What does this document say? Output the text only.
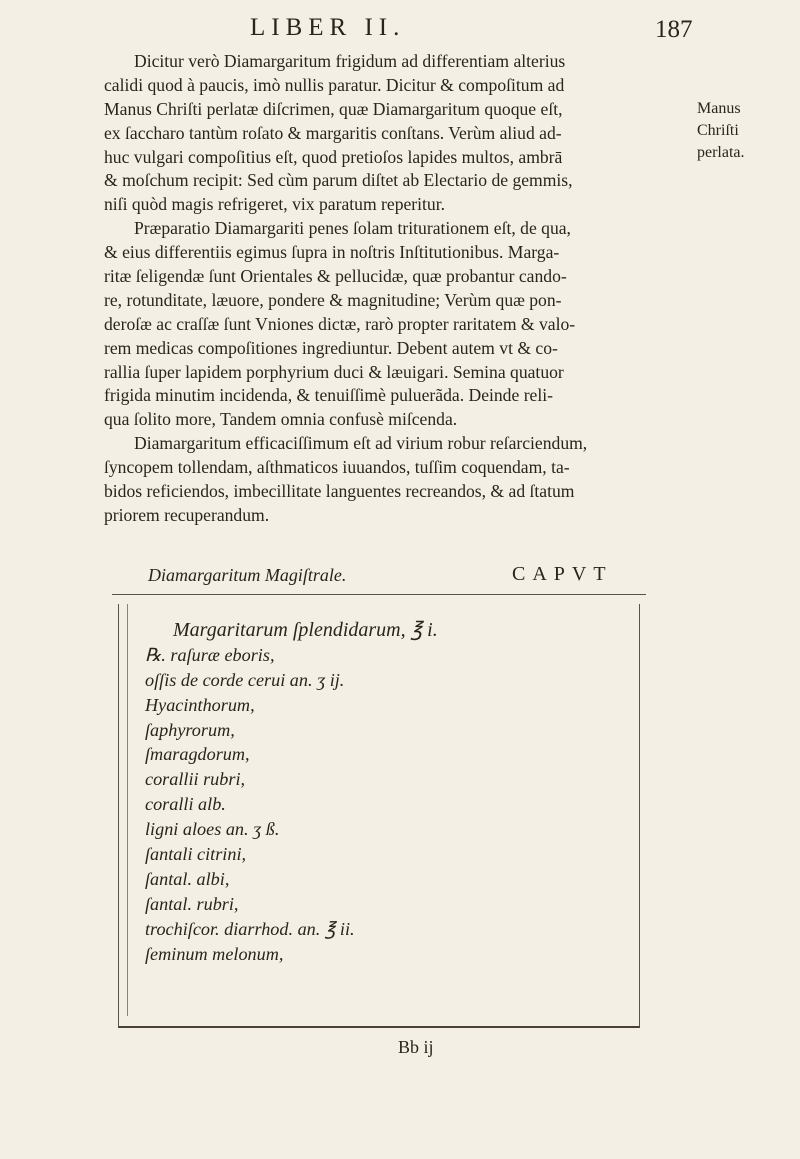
LIBER II.	187
Dicitur verò Diamargaritum frigidum ad differentiam alterius
calidi quod à paucis, imò nullis paratur. Dicitur & compoſitum ad
Manus Chriſti perlatæ diſcrimen, quæ Diamargaritum quoque eſt,
ex ſaccharo tantùm roſato & margaritis conſtans. Verùm aliud ad-
huc vulgari compoſitius eſt, quod pretioſos lapides multos, ambrā
& moſchum recipit: Sed cùm parum diſtet ab Electario de gemmis,
niſi quòd magis refrigeret, vix paratum reperitur.
Præparatio Diamargariti penes ſolam triturationem eſt, de qua,
& eius differentiis egimus ſupra in noſtris Inſtitutionibus. Marga-
ritæ ſeligendæ ſunt Orientales & pellucidæ, quæ probantur cando-
re, rotunditate, læuore, pondere & magnitudine; Verùm quæ pon-
deroſæ ac craſſæ ſunt Vniones dictæ, rarò propter raritatem & valo-
rem medicas compoſitiones ingrediuntur. Debent autem vt & co-
rallia ſuper lapidem porphyrium duci & læuigari. Semina quatuor
frigida minutim incidenda, & tenuiſſimè puluerãda. Deinde reli-
qua ſolito more, Tandem omnia confusè miſcenda.
Diamargaritum efficaciſſimum eſt ad virium robur reſarciendum,
ſyncopem tollendam, aſthmaticos iuuandos, tuſſim coquendam, ta-
bidos reficiendos, imbecillitate languentes recreandos, & ad ſtatum
priorem recuperandum.
Manus
Chriſti
perlata.
Diamargaritum Magiſtrale.	CAPVT
Margaritarum ſplendidarum, ℥ i.
℞. raſuræ eboris,
oſſis de corde cerui an. ʒ ij.
Hyacinthorum,
ſaphyrorum,
ſmaragdorum,
corallii rubri,
coralli alb.
ligni aloes an. ʒ ß.
ſantali citrini,
ſantal. albi,
ſantal. rubri,
trochiſcor. diarrhod. an. ℥ ii.
ſeminum melonum,
Bb ij
